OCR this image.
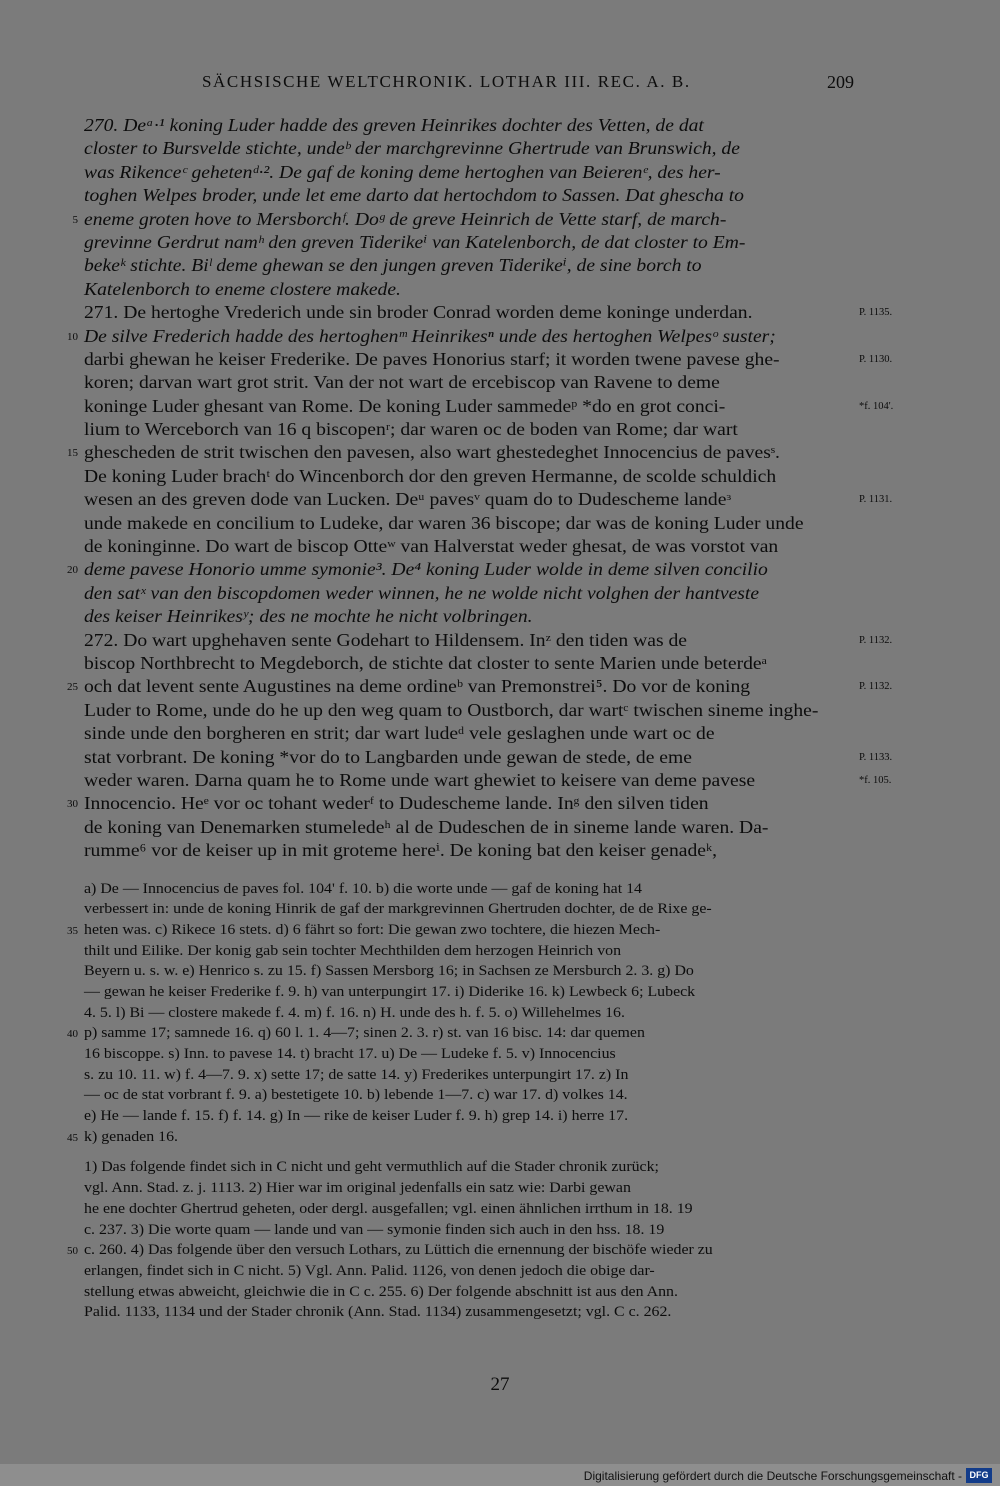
SÄCHSISCHE WELTCHRONIK. LOTHAR III. REC. A. B.	209
270. Deᵃ·¹ koning Luder hadde des greven Heinrikes dochter des Vetten, de dat
closter to Bursvelde stichte, undeᵇ der marchgrevinne Ghertrude van Brunswich, de
was Rikenceᶜ gehetenᵈ·². De gaf de koning deme hertoghen van Beierenᵉ, des her-
toghen Welpes broder, unde let eme darto dat hertochdom to Sassen. Dat ghescha to
5 eneme groten hove to Mersborchᶠ. Doᵍ de greve Heinrich de Vette starf, de march-
grevinne Gerdrut namʰ den greven Tiderikeⁱ van Katelenborch, de dat closter to Em-
bekeᵏ stichte. Biˡ deme ghewan se den jungen greven Tiderikeⁱ, de sine borch to
Katelenborch to eneme clostere makede.
271. De hertoghe Vrederich unde sin broder Conrad worden deme koninge underdan.	P. 1135.
10 De silve Frederich hadde des hertoghenᵐ Heinrikesⁿ unde des hertoghen Welpesᵒ suster;
darbi ghewan he keiser Frederike. De paves Honorius starf; it worden twene pavese ghe-	P. 1130.
koren; darvan wart grot strit. Van der not wart de ercebiscop van Ravene to deme
koninge Luder ghesant van Rome. De koning Luder sammedeᵖ *do en grot conci-	*f. 104'.
lium to Werceborch van 16 q biscopenʳ; dar waren oc de boden van Rome; dar wart
15 ghescheden de strit twischen den pavesen, also wart ghestedeghet Innocencius de pavesˢ.
De koning Luder brachᵗ do Wincenborch dor den greven Hermanne, de scolde schuldich
wesen an des greven dode van Lucken. Deᵘ pavesᵛ quam do to Dudescheme landeᵌ	P. 1131.
unde makede en concilium to Ludeke, dar waren 36 biscope; dar was de koning Luder unde
de koninginne. Do wart de biscop Otteʷ van Halverstat weder ghesat, de was vorstot van
20 deme pavese Honorio umme symonie³. De⁴ koning Luder wolde in deme silven concilio
den satˣ van den biscopdomen weder winnen, he ne wolde nicht volghen der hantveste
des keiser Heinrikesʸ; des ne mochte he nicht volbringen.
272. Do wart upghehaven sente Godehart to Hildensem. Inᶻ den tiden was de	P. 1132.
biscop Northbrecht to Megdeborch, de stichte dat closter to sente Marien unde beterdeᵃ
25 och dat levent sente Augustines na deme ordineᵇ van Premonstrei⁵. Do vor de koning	P. 1132.
Luder to Rome, unde do he up den weg quam to Oustborch, dar wartᶜ twischen sineme inghe-
sinde unde den borgheren en strit; dar wart ludeᵈ vele geslaghen unde wart oc de
stat vorbrant. De koning *vor do to Langbarden unde gewan de stede, de eme	P. 1133.
weder waren. Darna quam he to Rome unde wart ghewiet to keisere van deme pavese	*f. 105.
30 Innocencio. Heᵉ vor oc tohant wederᶠ to Dudescheme lande. Inᵍ den silven tiden
de koning van Denemarken stumeledeʰ al de Dudeschen de in sineme lande waren. Da-
rumme⁶ vor de keiser up in mit groteme hereⁱ. De koning bat den keiser genadeᵏ,
a) De — Innocencius de paves fol. 104' f. 10. b) die worte unde — gaf de koning hat 14
verbessert in: unde de koning Hinrik de gaf der markgrevinnen Ghertruden dochter, de de Rixe ge-
35 heten was. c) Rikece 16 stets. d) 6 fährt so fort: Die gewan zwo tochtere, die hiezen Mech-
thilt und Eilike. Der konig gab sein tochter Mechthilden dem herzogen Heinrich von
Beyern u. s. w. e) Henrico s. zu 15. f) Sassen Mersborg 16; in Sachsen ze Mersburch 2. 3. g) Do
— gewan he keiser Frederike f. 9. h) van unterpungirt 17. i) Diderike 16. k) Lewbeck 6; Lubeck
4. 5. l) Bi — clostere makede f. 4. m) f. 16. n) H. unde des h. f. 5. o) Willehelmes 16.
40 p) samme 17; samnede 16. q) 60 l. 1. 4—7; sinen 2. 3. r) st. van 16 bisc. 14: dar quemen
16 biscoppe. s) Inn. to pavese 14. t) bracht 17. u) De — Ludeke f. 5. v) Innocencius
s. zu 10. 11. w) f. 4—7. 9. x) sette 17; de satte 14. y) Frederikes unterpungirt 17. z) In
— oc de stat vorbrant f. 9. a) bestetigete 10. b) lebende 1—7. c) war 17. d) volkes 14.
e) He — lande f. 15. f) f. 14. g) In — rike de keiser Luder f. 9. h) grep 14. i) herre 17.
45 k) genaden 16.
1) Das folgende findet sich in C nicht und geht vermuthlich auf die Stader chronik zurück;
vgl. Ann. Stad. z. j. 1113. 2) Hier war im original jedenfalls ein satz wie: Darbi gewan
he ene dochter Ghertrud geheten, oder dergl. ausgefallen; vgl. einen ähnlichen irrthum in 18. 19
c. 237. 3) Die worte quam — lande und van — symonie finden sich auch in den hss. 18. 19
50 c. 260. 4) Das folgende über den versuch Lothars, zu Lüttich die ernennung der bischöfe wieder zu
erlangen, findet sich in C nicht. 5) Vgl. Ann. Palid. 1126, von denen jedoch die obige dar-
stellung etwas abweicht, gleichwie die in C c. 255. 6) Der folgende abschnitt ist aus den Ann.
Palid. 1133, 1134 und der Stader chronik (Ann. Stad. 1134) zusammengesetzt; vgl. C c. 262.
27
Digitalisierung gefördert durch die Deutsche Forschungsgemeinschaft - DFG
